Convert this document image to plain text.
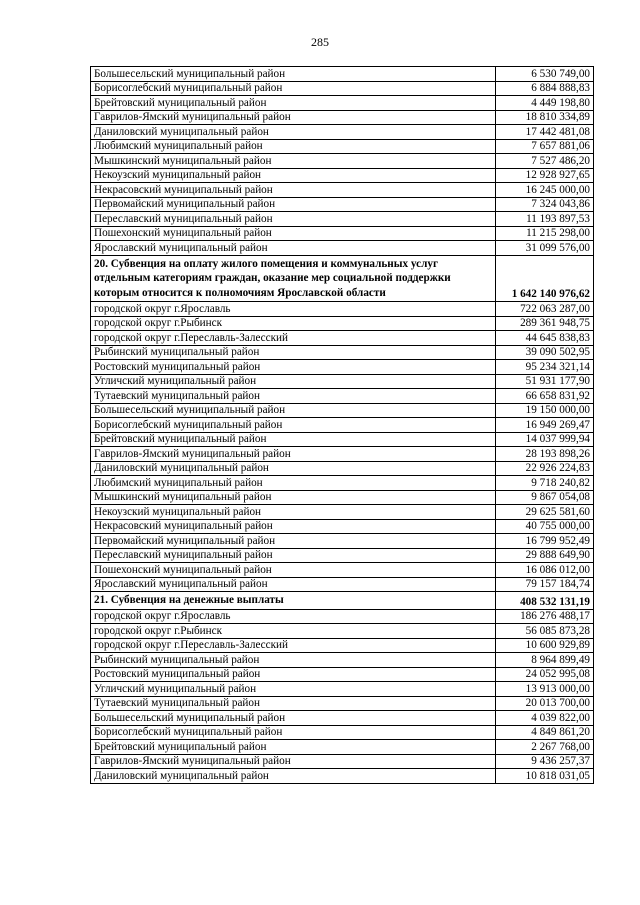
285
Большесельский муниципальный район	6 530 749,00
Борисоглебский муниципальный район	6 884 888,83
Брейтовский муниципальный район	4 449 198,80
Гаврилов-Ямский муниципальный район	18 810 334,89
Даниловский муниципальный район	17 442 481,08
Любимский муниципальный район	7 657 881,06
Мышкинский муниципальный район	7 527 486,20
Некоузский муниципальный район	12 928 927,65
Некрасовский муниципальный район	16 245 000,00
Первомайский муниципальный район	7 324 043,86
Переславский муниципальный район	11 193 897,53
Пошехонский муниципальный район	11 215 298,00
Ярославский муниципальный район	31 099 576,00
20. Субвенция на оплату жилого помещения и коммунальных услуг отдельным категориям граждан, оказание мер социальной поддержки которым относится к полномочиям Ярославской области	1 642 140 976,62
городской округ г.Ярославль	722 063 287,00
городской округ г.Рыбинск	289 361 948,75
городской округ г.Переславль-Залесский	44 645 838,83
Рыбинский муниципальный район	39 090 502,95
Ростовский муниципальный район	95 234 321,14
Угличский муниципальный район	51 931 177,90
Тутаевский муниципальный район	66 658 831,92
Большесельский муниципальный район	19 150 000,00
Борисоглебский муниципальный район	16 949 269,47
Брейтовский муниципальный район	14 037 999,94
Гаврилов-Ямский муниципальный район	28 193 898,26
Даниловский муниципальный район	22 926 224,83
Любимский муниципальный район	9 718 240,82
Мышкинский муниципальный район	9 867 054,08
Некоузский муниципальный район	29 625 581,60
Некрасовский муниципальный район	40 755 000,00
Первомайский муниципальный район	16 799 952,49
Переславский муниципальный район	29 888 649,90
Пошехонский муниципальный район	16 086 012,00
Ярославский муниципальный район	79 157 184,74
21. Субвенция на денежные выплаты	408 532 131,19
городской округ г.Ярославль	186 276 488,17
городской округ г.Рыбинск	56 085 873,28
городской округ г.Переславль-Залесский	10 600 929,89
Рыбинский муниципальный район	8 964 899,49
Ростовский муниципальный район	24 052 995,08
Угличский муниципальный район	13 913 000,00
Тутаевский муниципальный район	20 013 700,00
Большесельский муниципальный район	4 039 822,00
Борисоглебский муниципальный район	4 849 861,20
Брейтовский муниципальный район	2 267 768,00
Гаврилов-Ямский муниципальный район	9 436 257,37
Даниловский муниципальный район	10 818 031,05
